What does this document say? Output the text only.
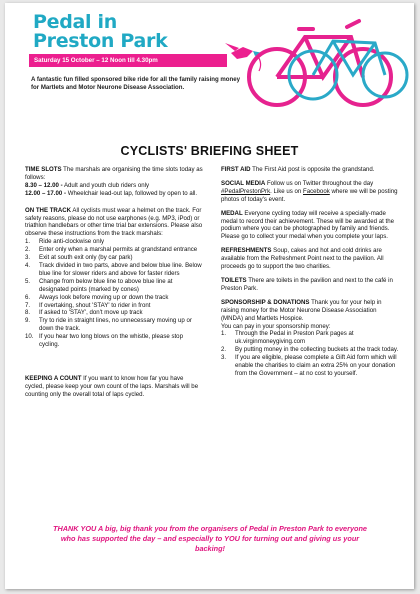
Pedal in
Preston Park
Saturday 15 October – 12 Noon till 4.30pm
A fantastic fun filled sponsored bike ride for all the family raising money for Martlets and Motor Neurone Disease Association.
CYCLISTS' BRIEFING SHEET
TIME SLOTS The marshals are organising the time slots today as follows:
8.30 – 12.00 - Adult and youth club riders only
12.00 – 17.00 - Wheelchair lead-out lap, followed by open to all.
ON THE TRACK All cyclists must wear a helmet on the track. For safety reasons, please do not use earphones (e.g. MP3, iPod) or triathlon handlebars or other time trial bar extensions. Please also observe these instructions from the track marshals:
1. Ride anti-clockwise only
2. Enter only when a marshal permits at grandstand entrance
3. Exit at south exit only (by car park)
4. Track divided in two parts, above and below blue line. Below blue line for slower riders and above for faster riders
5. Change from below blue line to above blue line at designated points (marked by cones)
6. Always look before moving up or down the track
7. If overtaking, shout 'STAY' to rider in front
8. If asked to 'STAY', don't move up track
9. Try to ride in straight lines, no unnecessary moving up or down the track.
10. If you hear two long blows on the whistle, please stop cycling.
KEEPING A COUNT If you want to know how far you have cycled, please keep your own count of the laps. Marshals will be counting only the overall total of laps cycled.
FIRST AID The First Aid post is opposite the grandstand.
SOCIAL MEDIA Follow us on Twitter throughout the day #PedalPrestonPrk. Like us on Facebook where we will be posting photos of today's event.
MEDAL Everyone cycling today will receive a specially-made medal to record their achievement. These will be awarded at the podium where you can be photographed by family and friends. Please go to collect your medal when you complete your laps.
REFRESHMENTS Soup, cakes and hot and cold drinks are available from the Refreshment Point next to the pavilion. All proceeds go to support the two charities.
TOILETS There are toilets in the pavilion and next to the café in Preston Park.
SPONSORSHIP & DONATIONS Thank you for your help in raising money for the Motor Neurone Disease Association (MNDA) and Martlets Hospice.
You can pay in your sponsorship money:
1. Through the Pedal in Preston Park pages at uk.virginmoneygiving.com
2. By putting money in the collecting buckets at the track today.
3. If you are eligible, please complete a Gift Aid form which will enable the charities to claim an extra 25% on your donation from the Government – at no cost to yourself.
THANK YOU A big, big thank you from the organisers of Pedal in Preston Park to everyone who has supported the day – and especially to YOU for turning out and giving us your backing!
